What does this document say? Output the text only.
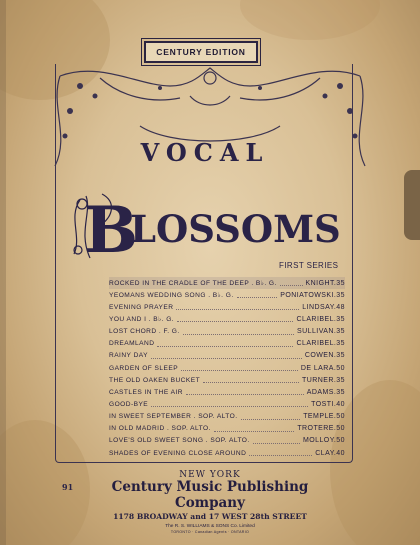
CENTURY EDITION
VOCAL
B
LOSSOMS
FIRST SERIES
ROCKED IN THE CRADLE OF THE DEEP . B♭. G.	KNIGHT.35
YEOMANS WEDDING SONG . B♭. G.	PONIATOWSKI.35
EVENING PRAYER	LINDSAY.48
YOU AND I . B♭. G.	CLARIBEL.35
LOST CHORD . F. G.	SULLIVAN.35
DREAMLAND	CLARIBEL.35
RAINY DAY	COWEN.35
GARDEN OF SLEEP	DE LARA.50
THE OLD OAKEN BUCKET	TURNER.35
CASTLES IN THE AIR	ADAMS.35
GOOD-BYE	TOSTI.40
IN SWEET SEPTEMBER . SOP. ALTO.	TEMPLE.50
IN OLD MADRID . SOP. ALTO.	TROTERE.50
LOVE'S OLD SWEET SONG . SOP. ALTO.	MOLLOY.50
SHADES OF EVENING CLOSE AROUND	CLAY.40
91
NEW YORK
Century Music Publishing Company
1178 BROADWAY and 17 WEST 28th STREET
The R. S. WILLIAMS & SONS Co. Limited
TORONTO · Canadian Agents · ONTARIO
